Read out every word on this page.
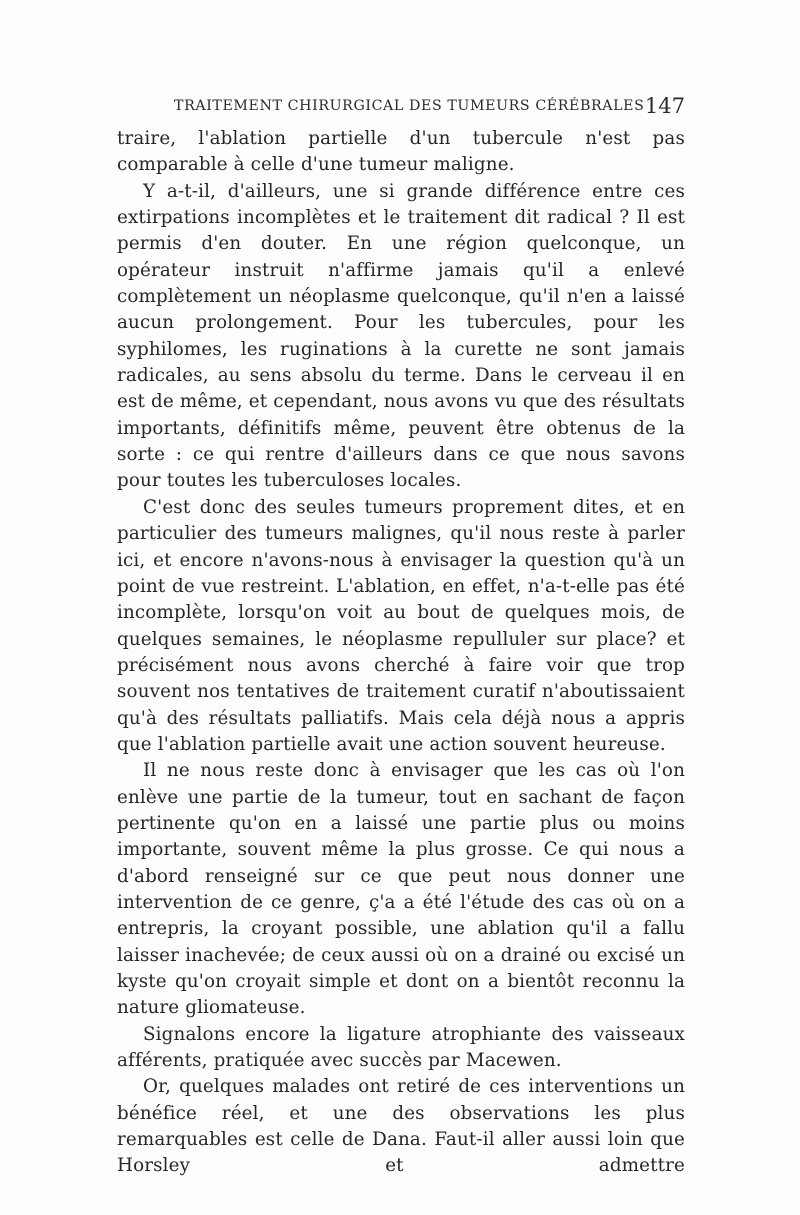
TRAITEMENT CHIRURGICAL DES TUMEURS CÉRÉBRALES 147

traire, l'ablation partielle d'un tubercule n'est pas comparable à celle d'une tumeur maligne.

Y a-t-il, d'ailleurs, une si grande différence entre ces extirpations incomplètes et le traitement dit radical ? Il est permis d'en douter. En une région quelconque, un opérateur instruit n'affirme jamais qu'il a enlevé complètement un néoplasme quelconque, qu'il n'en a laissé aucun prolongement. Pour les tubercules, pour les syphilomes, les ruginations à la curette ne sont jamais radicales, au sens absolu du terme. Dans le cerveau il en est de même, et cependant, nous avons vu que des résultats importants, définitifs même, peuvent être obtenus de la sorte : ce qui rentre d'ailleurs dans ce que nous savons pour toutes les tuberculoses locales.

C'est donc des seules tumeurs proprement dites, et en particulier des tumeurs malignes, qu'il nous reste à parler ici, et encore n'avons-nous à envisager la question qu'à un point de vue restreint. L'ablation, en effet, n'a-t-elle pas été incomplète, lorsqu'on voit au bout de quelques mois, de quelques semaines, le néoplasme repulluler sur place? et précisément nous avons cherché à faire voir que trop souvent nos tentatives de traitement curatif n'aboutissaient qu'à des résultats palliatifs. Mais cela déjà nous a appris que l'ablation partielle avait une action souvent heureuse.

Il ne nous reste donc à envisager que les cas où l'on enlève une partie de la tumeur, tout en sachant de façon pertinente qu'on en a laissé une partie plus ou moins importante, souvent même la plus grosse. Ce qui nous a d'abord renseigné sur ce que peut nous donner une intervention de ce genre, ç'a a été l'étude des cas où on a entrepris, la croyant possible, une ablation qu'il a fallu laisser inachevée; de ceux aussi où on a drainé ou excisé un kyste qu'on croyait simple et dont on a bientôt reconnu la nature gliomateuse.

Signalons encore la ligature atrophiante des vaisseaux afférents, pratiquée avec succès par Macewen.

Or, quelques malades ont retiré de ces interventions un bénéfice réel, et une des observations les plus remarquables est celle de Dana. Faut-il aller aussi loin que Horsley et admettre
